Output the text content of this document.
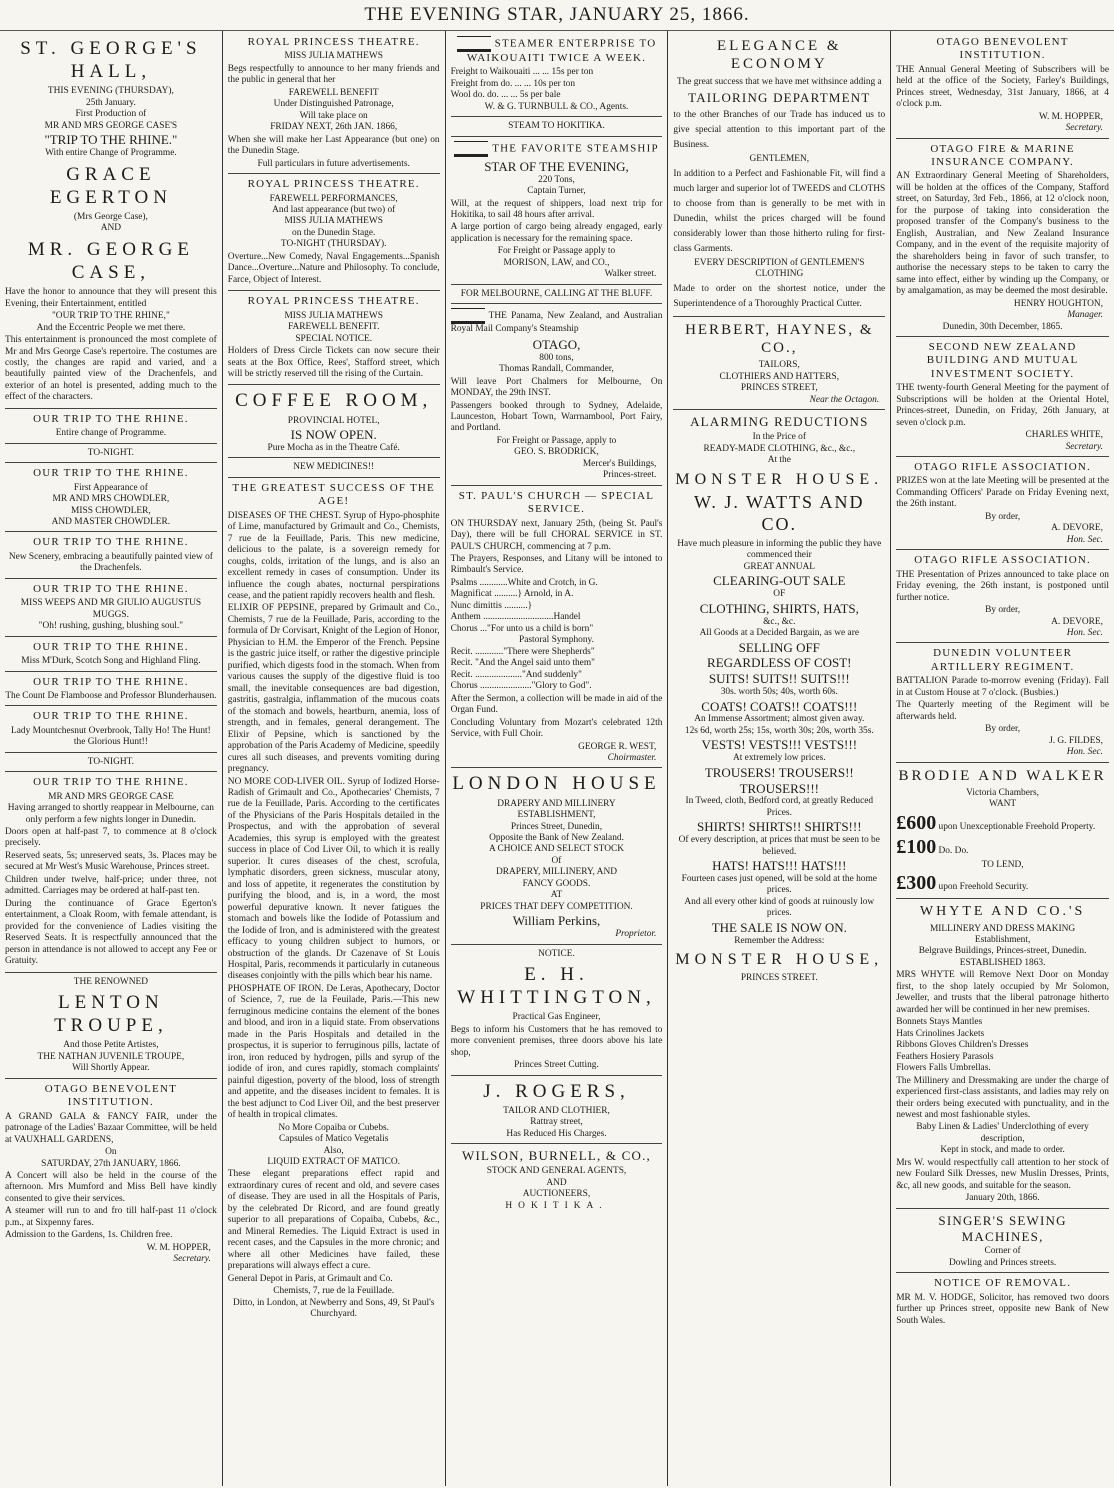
THE EVENING STAR, JANUARY 25, 1866.
ST. GEORGE'S HALL,
THIS EVENING (THURSDAY),
25th January.
First Production of
MR AND MRS GEORGE CASE'S
"TRIP TO THE RHINE."
With entire Change of Programme.
GRACE EGERTON
(Mrs George Case),
AND
MR. GEORGE CASE,
Have the honor to announce that they will present this Evening, their Entertainment, entitled
"OUR TRIP TO THE RHINE,"
And the Eccentric People we met there.
This entertainment is pronounced the most complete of Mr and Mrs George Case's repertoire. The costumes are costly, the changes are rapid and varied, and a beautifully painted view of the Drachenfels, and exterior of an hotel is presented, adding much to the effect of the characters.
OUR TRIP TO THE RHINE.
Entire change of Programme.
TO-NIGHT.
OUR TRIP TO THE RHINE.
First Appearance of
MR AND MRS CHOWDLER,
MISS CHOWDLER,
AND MASTER CHOWDLER.
OUR TRIP TO THE RHINE.
New Scenery, embracing a beautifully painted view of the Drachenfels.
OUR TRIP TO THE RHINE.
MISS WEEPS AND MR GIULIO AUGUSTUS MUGGS.
"Oh! rushing, gushing, blushing soul."
OUR TRIP TO THE RHINE.
Miss M'Durk, Scotch Song and Highland Fling.
OUR TRIP TO THE RHINE.
The Count De Flamboose and Professor Blunderhausen.
OUR TRIP TO THE RHINE.
Lady Mountchesnut Overbrook, Tally Ho! The Hunt! the Glorious Hunt!!
TO-NIGHT.
OUR TRIP TO THE RHINE.
MR AND MRS GEORGE CASE
Having arranged to shortly reappear in Melbourne, can only perform a few nights longer in Dunedin.
Doors open at half-past 7, to commence at 8 o'clock precisely.
Reserved seats, 5s; unreserved seats, 3s. Places may be secured at Mr West's Music Warehouse, Princes street.
Children under twelve, half-price; under three, not admitted. Carriages may be ordered at half-past ten.
During the continuance of Grace Egerton's entertainment, a Cloak Room, with female attendant, is provided for the convenience of Ladies visiting the Reserved Seats. It is respectfully announced that the person in attendance is not allowed to accept any Fee or Gratuity.
THE RENOWNED
LENTON TROUPE,
And those Petite Artistes,
THE NATHAN JUVENILE TROUPE,
Will Shortly Appear.
OTAGO BENEVOLENT INSTITUTION.
A GRAND GALA & FANCY FAIR, under the patronage of the Ladies' Bazaar Committee, will be held at VAUXHALL GARDENS,
On
SATURDAY, 27th JANUARY, 1866.
A Concert will also be held in the course of the afternoon. Mrs Mumford and Miss Bell have kindly consented to give their services.
A steamer will run to and fro till half-past 11 o'clock p.m., at Sixpenny fares.
Admission to the Gardens, 1s. Children free.
W. M. HOPPER,
Secretary.
ROYAL PRINCESS THEATRE.
MISS JULIA MATHEWS
Begs respectfully to announce to her many friends and the public in general that her
FAREWELL BENEFIT
Under Distinguished Patronage,
Will take place on
FRIDAY NEXT, 26th JAN. 1866,
When she will make her Last Appearance (but one) on the Dunedin Stage.
Full particulars in future advertisements.
ROYAL PRINCESS THEATRE.
FAREWELL PERFORMANCES,
And last appearance (but two) of
MISS JULIA MATHEWS
on the Dunedin Stage.
TO-NIGHT (THURSDAY).
Overture...New Comedy, Naval Engagements...Spanish Dance...Overture...Nature and Philosophy. To conclude, Farce, Object of Interest.
ROYAL PRINCESS THEATRE.
MISS JULIA MATHEWS
FAREWELL BENEFIT.
SPECIAL NOTICE.
Holders of Dress Circle Tickets can now secure their seats at the Box Office, Rees', Stafford street, which will be strictly reserved till the rising of the Curtain.
COFFEE ROOM,
PROVINCIAL HOTEL,
IS NOW OPEN.
Pure Mocha as in the Theatre Café.
NEW MEDICINES!!
THE GREATEST SUCCESS OF THE AGE!
DISEASES OF THE CHEST. Syrup of Hypo-phosphite of Lime, manufactured by Grimault and Co., Chemists, 7 rue de la Feuillade, Paris. This new medicine, delicious to the palate, is a sovereign remedy for coughs, colds, irritation of the lungs, and is also an excellent remedy in cases of consumption. Under its influence the cough abates, nocturnal perspirations cease, and the patient rapidly recovers health and flesh.
ELIXIR OF PEPSINE, prepared by Grimault and Co., Chemists, 7 rue de la Feuillade, Paris, according to the formula of Dr Corvisart, Knight of the Legion of Honor, Physician to H.M. the Emperor of the French. Pepsine is the gastric juice itself, or rather the digestive principle purified, which digests food in the stomach. When from various causes the supply of the digestive fluid is too small, the inevitable consequences are bad digestion, gastritis, gastralgia, inflammation of the mucous coats of the stomach and bowels, heartburn, anemia, loss of strength, and in females, general derangement. The Elixir of Pepsine, which is sanctioned by the approbation of the Paris Academy of Medicine, speedily cures all such diseases, and prevents vomiting during pregnancy.
NO MORE COD-LIVER OIL. Syrup of Iodized Horse-Radish of Grimault and Co., Apothecaries' Chemists, 7 rue de la Feuillade, Paris. According to the certificates of the Physicians of the Paris Hospitals detailed in the Prospectus, and with the approbation of several Academies, this syrup is employed with the greatest success in place of Cod Liver Oil, to which it is really superior. It cures diseases of the chest, scrofula, lymphatic disorders, green sickness, muscular atony, and loss of appetite, it regenerates the constitution by purifying the blood, and is, in a word, the most powerful depurative known. It never fatigues the stomach and bowels like the Iodide of Potassium and the Iodide of Iron, and is administered with the greatest efficacy to young children subject to humors, or obstruction of the glands. Dr Cazenave of St Louis Hospital, Paris, recommends it particularly in cutaneous diseases conjointly with the pills which bear his name.
PHOSPHATE OF IRON. De Leras, Apothecary, Doctor of Science, 7, rue de la Feuilade, Paris.—This new ferruginous medicine contains the element of the bones and blood, and iron in a liquid state. From observations made in the Paris Hospitals and detailed in the prospectus, it is superior to ferruginous pills, lactate of iron, iron reduced by hydrogen, pills and syrup of the iodide of iron, and cures rapidly, stomach complaints' painful digestion, poverty of the blood, loss of strength and appetite, and the diseases incident to females. It is the best adjunct to Cod Liver Oil, and the best preserver of health in tropical climates.
No More Copaiba or Cubebs.
Capsules of Matico Vegetalis
Also,
LIQUID EXTRACT OF MATICO.
These elegant preparations effect rapid and extraordinary cures of recent and old, and severe cases of disease. They are used in all the Hospitals of Paris, by the celebrated Dr Ricord, and are found greatly superior to all preparations of Copaiba, Cubebs, &c., and Mineral Remedies. The Liquid Extract is used in recent cases, and the Capsules in the more chronic; and where all other Medicines have failed, these preparations will always effect a cure.
General Depot in Paris, at Grimault and Co.
Chemists, 7, rue de la Feuillade.
Ditto, in London, at Newberry and Sons, 49, St Paul's Churchyard.
STEAMER ENTERPRISE TO WAIKOUAITI TWICE A WEEK.
Freight to Waikouaiti ... ... 15s per ton
Freight from do. ... ... 10s per ton
Wool do. do. ... ... 5s per bale
W. & G. TURNBULL & CO., Agents.
STEAM TO HOKITIKA.
THE FAVORITE STEAMSHIP
STAR OF THE EVENING,
220 Tons,
Captain Turner,
Will, at the request of shippers, load next trip for Hokitika, to sail 48 hours after arrival.
A large portion of cargo being already engaged, early application is necessary for the remaining space.
For Freight or Passage apply to
MORISON, LAW, and CO.,
Walker street.
FOR MELBOURNE, CALLING AT THE BLUFF.
THE Panama, New Zealand, and Australian Royal Mail Company's Steamship
OTAGO,
800 tons,
Thomas Randall, Commander,
Will leave Port Chalmers for Melbourne, On MONDAY, the 29th INST.
Passengers booked through to Sydney, Adelaide, Launceston, Hobart Town, Warrnambool, Port Fairy, and Portland.
For Freight or Passage, apply to
GEO. S. BRODRICK,
Mercer's Buildings,
Princes-street.
ST. PAUL'S CHURCH — SPECIAL SERVICE.
ON THURSDAY next, January 25th, (being St. Paul's Day), there will be full CHORAL SERVICE in ST. PAUL'S CHURCH, commencing at 7 p.m.
The Prayers, Responses, and Litany will be intoned to Rimbault's Service.
Psalms ............White and Crotch, in G.
Magnificat ..........} Arnold, in A.
Nunc dimittis ..........}
Anthem ..............................Handel
Chorus ..."For unto us a child is born"
Pastoral Symphony.
Recit. ............"There were Shepherds"
Recit. "And the Angel said unto them"
Recit. ...................."And suddenly"
Chorus ......................"Glory to God".
After the Sermon, a collection will be made in aid of the Organ Fund.
Concluding Voluntary from Mozart's celebrated 12th Service, with Full Choir.
GEORGE R. WEST,
Choirmaster.
LONDON HOUSE
DRAPERY AND MILLINERY
ESTABLISHMENT,
Princes Street, Dunedin,
Opposite the Bank of New Zealand.
A CHOICE AND SELECT STOCK
Of
DRAPERY, MILLINERY, AND
FANCY GOODS.
AT
PRICES THAT DEFY COMPETITION.
William Perkins,
Proprietor.
NOTICE.
E. H. WHITTINGTON,
Practical Gas Engineer,
Begs to inform his Customers that he has removed to more convenient premises, three doors above his late shop,
Princes Street Cutting.
J. ROGERS,
TAILOR AND CLOTHIER,
Rattray street,
Has Reduced His Charges.
WILSON, BURNELL, & CO.,
STOCK AND GENERAL AGENTS,
AND
AUCTIONEERS,
HOKITIKA.
ELEGANCE & ECONOMY
The great success that we have met withsince adding a
TAILORING DEPARTMENT
to the other Branches of our Trade has induced us to give special attention to this important part of the Business.
GENTLEMEN,
In addition to a Perfect and Fashionable Fit, will find a much larger and superior lot of TWEEDS and CLOTHS to choose from than is generally to be met with in Dunedin, whilst the prices charged will be found considerably lower than those hitherto ruling for first-class Garments.
EVERY DESCRIPTION of GENTLEMEN'S CLOTHING
Made to order on the shortest notice, under the Superintendence of a Thoroughly Practical Cutter.
HERBERT, HAYNES, & CO.,
TAILORS,
CLOTHIERS AND HATTERS,
PRINCES STREET,
Near the Octagon.
ALARMING REDUCTIONS
In the Price of
READY-MADE CLOTHING, &c., &c.,
At the
MONSTER HOUSE.
W. J. WATTS AND CO.
Have much pleasure in informing the public they have commenced their
GREAT ANNUAL
CLEARING-OUT SALE
OF
CLOTHING, SHIRTS, HATS,
&c., &c.
All Goods at a Decided Bargain, as we are
SELLING OFF
REGARDLESS OF COST!
SUITS! SUITS!! SUITS!!!
30s. worth 50s; 40s, worth 60s.
COATS! COATS!! COATS!!!
An Immense Assortment; almost given away.
12s 6d, worth 25s; 15s, worth 30s; 20s, worth 35s.
VESTS! VESTS!!! VESTS!!!
At extremely low prices.
TROUSERS! TROUSERS!! TROUSERS!!!
In Tweed, cloth, Bedford cord, at greatly Reduced Prices.
SHIRTS! SHIRTS!! SHIRTS!!!
Of every description, at prices that must be seen to be believed.
HATS! HATS!!! HATS!!!
Fourteen cases just opened, will be sold at the home prices.
And all every other kind of goods at ruinously low prices.
THE SALE IS NOW ON.
Remember the Address:
MONSTER HOUSE,
PRINCES STREET.
OTAGO BENEVOLENT INSTITUTION.
THE Annual General Meeting of Subscribers will be held at the office of the Society, Farley's Buildings, Princes street, Wednesday, 31st January, 1866, at 4 o'clock p.m.
W. M. HOPPER,
Secretary.
OTAGO FIRE & MARINE INSURANCE COMPANY.
AN Extraordinary General Meeting of Shareholders, will be holden at the offices of the Company, Stafford street, on Saturday, 3rd Feb., 1866, at 12 o'clock noon, for the purpose of taking into consideration the proposed transfer of the Company's business to the English, Australian, and New Zealand Insurance Company, and in the event of the requisite majority of the shareholders being in favor of such transfer, to authorise the necessary steps to be taken to carry the same into effect, either by winding up the Company, or by amalgamation, as may be deemed the most desirable.
HENRY HOUGHTON,
Manager.
Dunedin, 30th December, 1865.
SECOND NEW ZEALAND BUILDING AND MUTUAL INVESTMENT SOCIETY.
THE twenty-fourth General Meeting for the payment of Subscriptions will be holden at the Oriental Hotel, Princes-street, Dunedin, on Friday, 26th January, at seven o'clock p.m.
CHARLES WHITE,
Secretary.
OTAGO RIFLE ASSOCIATION.
PRIZES won at the late Meeting will be presented at the Commanding Officers' Parade on Friday Evening next, the 26th instant.
By order,
A. DEVORE,
Hon. Sec.
OTAGO RIFLE ASSOCIATION.
THE Presentation of Prizes announced to take place on Friday evening, the 26th instant, is postponed until further notice.
By order,
A. DEVORE,
Hon. Sec.
DUNEDIN VOLUNTEER ARTILLERY REGIMENT.
BATTALION Parade to-morrow evening (Friday). Fall in at Custom House at 7 o'clock. (Busbies.)
The Quarterly meeting of the Regiment will be afterwards held.
By order,
J. G. FILDES,
Hon. Sec.
BRODIE AND WALKER
Victoria Chambers,
WANT
£600 upon Unexceptionable Freehold Property.
£100 Do. Do.
TO LEND,
£300 upon Freehold Security.
WHYTE AND CO.'S
MILLINERY AND DRESS MAKING
Establishment,
Belgrave Buildings, Princes-street, Dunedin.
ESTABLISHED 1863.
MRS WHYTE will Remove Next Door on Monday first, to the shop lately occupied by Mr Solomon, Jeweller, and trusts that the liberal patronage hitherto awarded her will be continued in her new premises.
Bonnets Stays Mantles
Hats Crinolines Jackets
Ribbons Gloves Children's Dresses
Feathers Hosiery Parasols
Flowers Falls Umbrellas.
The Millinery and Dressmaking are under the charge of experienced first-class assistants, and ladies may rely on their orders being executed with punctuality, and in the newest and most fashionable styles.
Baby Linen & Ladies' Underclothing of every description,
Kept in stock, and made to order.
Mrs W. would respectfully call attention to her stock of new Foulard Silk Dresses, new Muslin Dresses, Prints, &c, all new goods, and suitable for the season.
January 20th, 1866.
SINGER'S SEWING MACHINES,
Corner of
Dowling and Princes streets.
NOTICE OF REMOVAL.
MR M. V. HODGE, Solicitor, has removed two doors further up Princes street, opposite new Bank of New South Wales.
